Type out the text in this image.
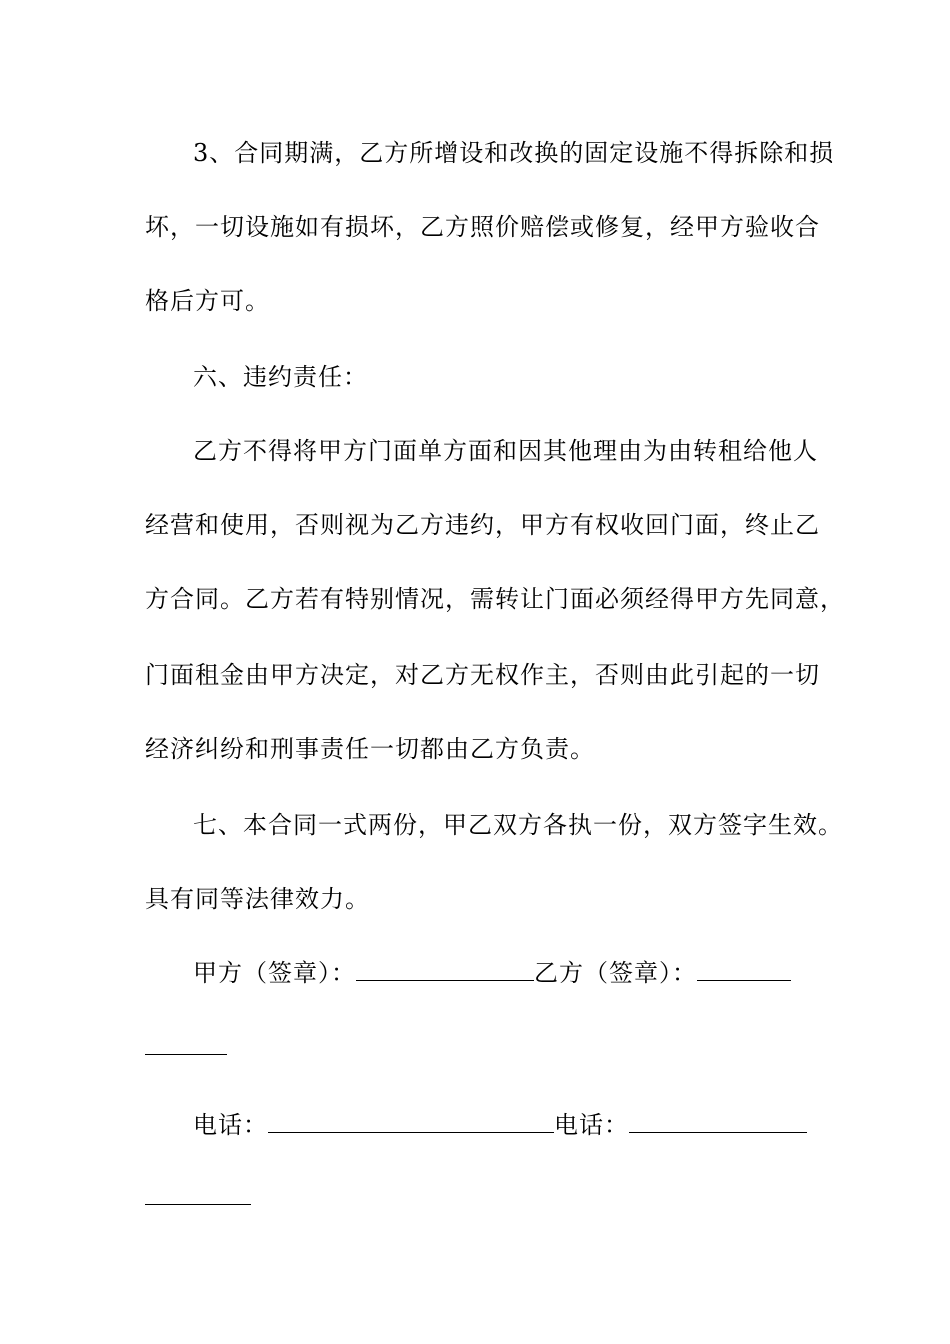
3、合同期满，乙方所增设和改换的固定设施不得拆除和损
坏，一切设施如有损坏，乙方照价赔偿或修复，经甲方验收合
格后方可。
六、违约责任：
乙方不得将甲方门面单方面和因其他理由为由转租给他人
经营和使用，否则视为乙方违约，甲方有权收回门面，终止乙
方合同。乙方若有特别情况，需转让门面必须经得甲方先同意，
门面租金由甲方决定，对乙方无权作主，否则由此引起的一切
经济纠纷和刑事责任一切都由乙方负责。
七、本合同一式两份，甲乙双方各执一份，双方签字生效。
具有同等法律效力。
甲方（签章）：	乙方（签章）：
电话：	电话：
